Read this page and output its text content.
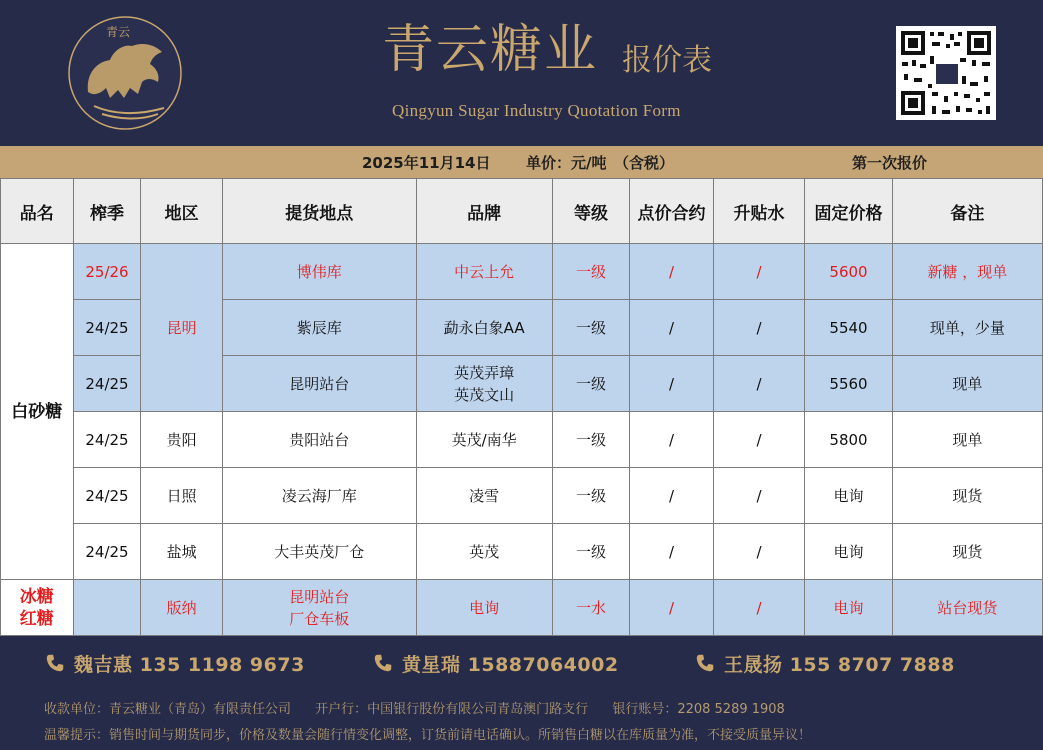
青云	青云糖业 报价表
Qingyun Sugar Industry Quotation Form
2025年11月14日 单价：元/吨　（含税）	第一次报价
品名	榨季	地区	提货地点	品牌	等级	点价合约	升贴水	固定价格	备注
白砂糖	25/26	昆明	博伟库	中云上允	一级	/	/	5600	新糖 ，现单
	24/25		紫辰库	勐永白象AA	一级	/	/	5540	现单，少量
	24/25		昆明站台	英茂弄璋
英茂文山	一级	/	/	5560	现单
	24/25	贵阳	贵阳站台	英茂/南华	一级	/	/	5800	现单
	24/25	日照	凌云海厂库	凌雪	一级	/	/	电询	现货
	24/25	盐城	大丰英茂厂仓	英茂	一级	/	/	电询	现货
冰糖
红糖		版纳	昆明站台
厂仓车板	电询	一水	/	/	电询	站台现货
魏吉惠 135 1198 9673	黄星瑞 15887064002	王晟扬 155 8707 7888
收款单位：青云糖业（青岛）有限责任公司 开户行：中国银行股份有限公司青岛澳门路支行 银行账号：2208 5289 1908
温馨提示：销售时间与期货同步，价格及数量会随行情变化调整，订货前请电话确认。所销售白糖以在库质量为准，不接受质量异议！
